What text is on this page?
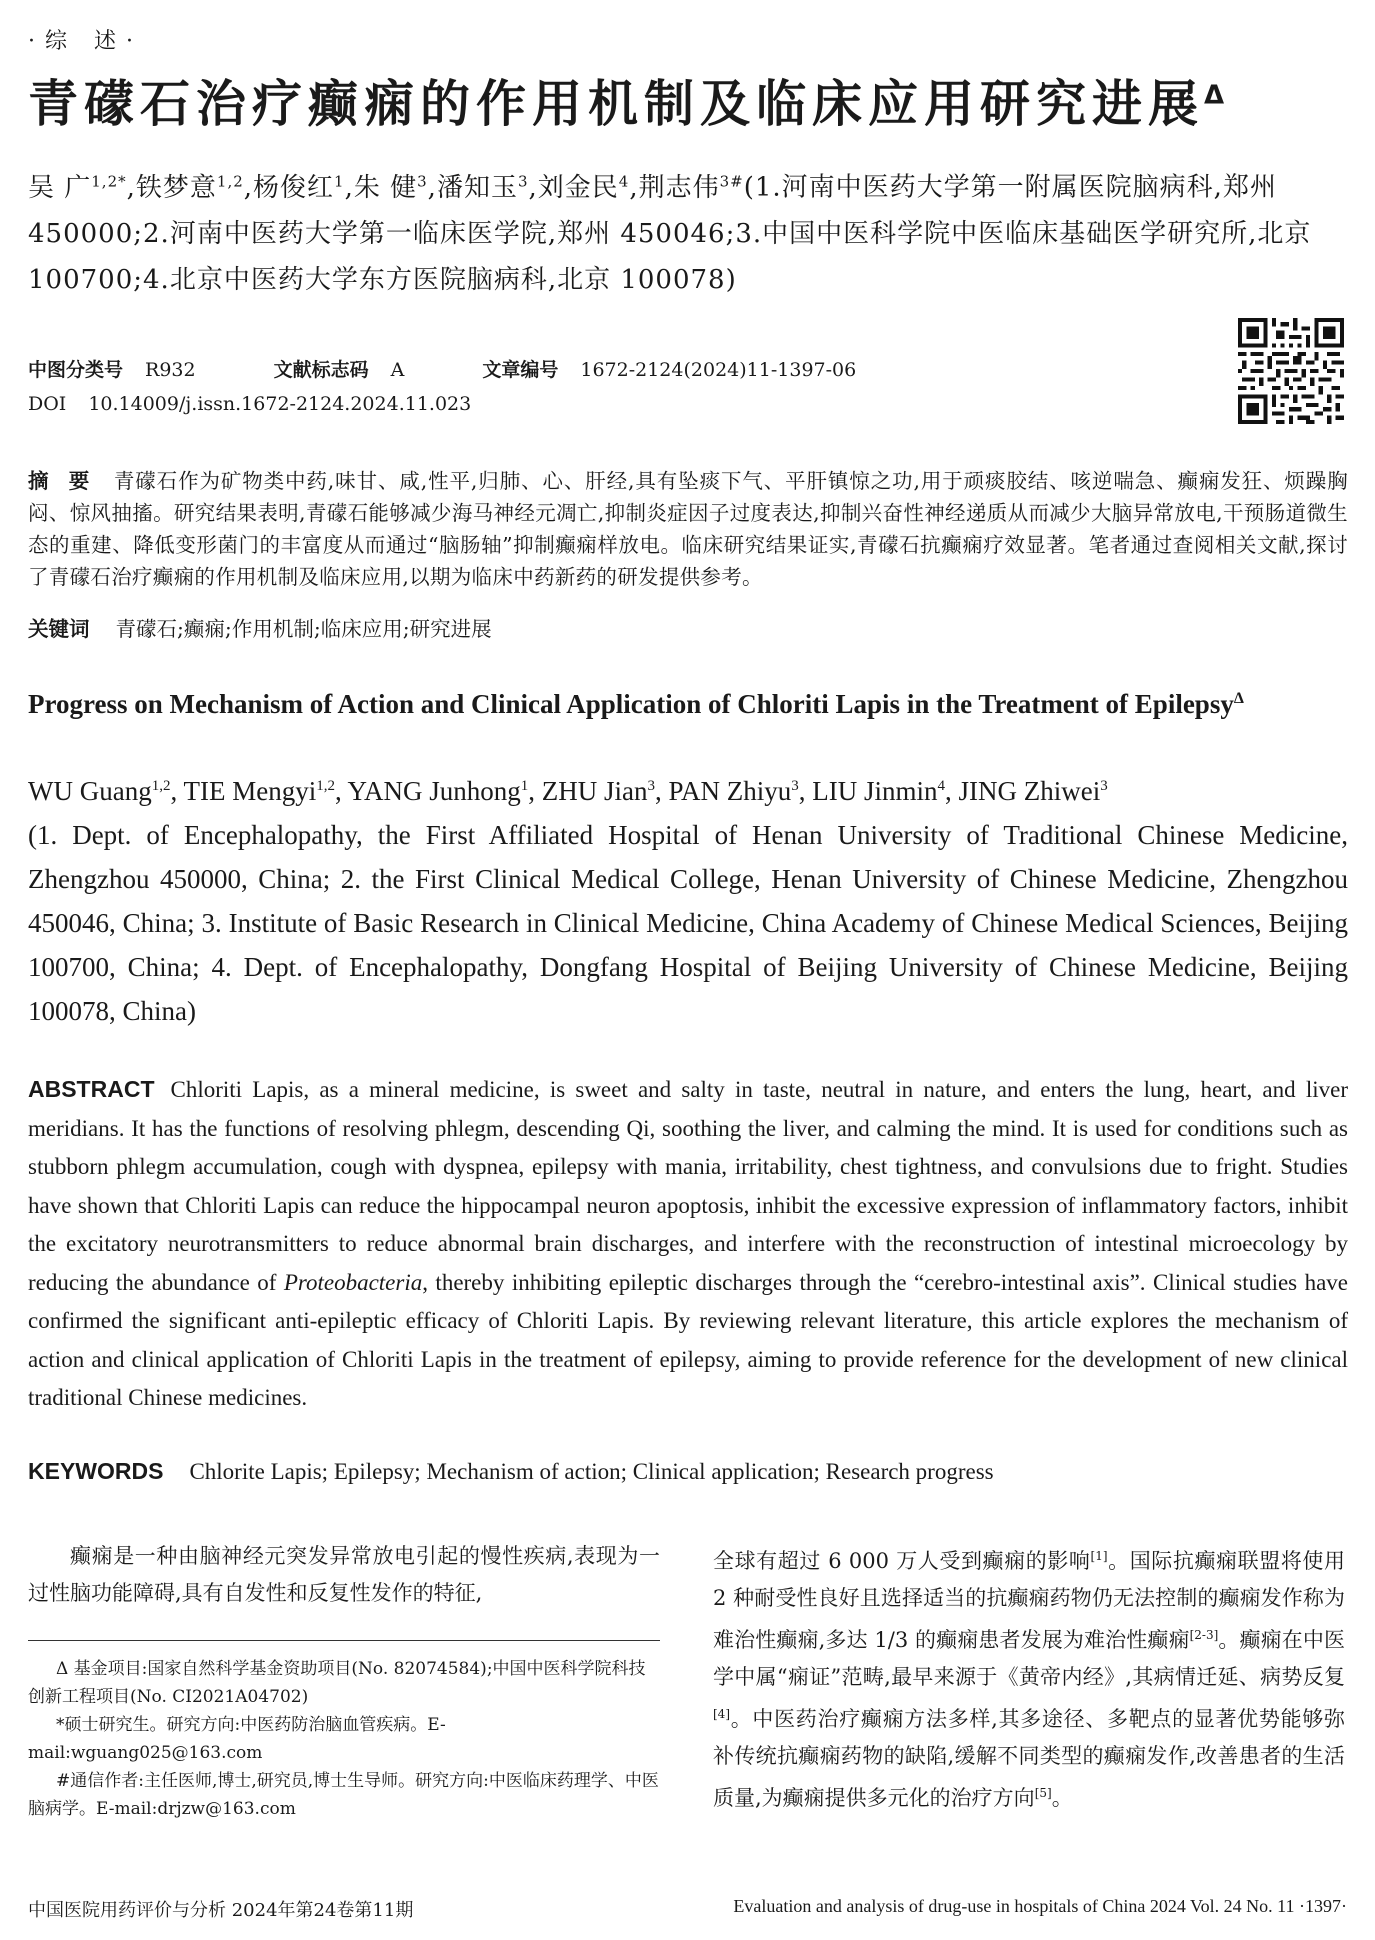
·综 述·
青礞石治疗癫痫的作用机制及临床应用研究进展$^\Delta$
吴 广$^{1,2*}$,铁梦意$^{1,2}$,杨俊红$^1$,朱 健$^3$,潘知玉$^3$,刘金民$^4$,荆志伟$^{3\#}$(1.河南中医药大学第一附属医院脑病科,郑州 450000;2.河南中医药大学第一临床医学院,郑州 450046;3.中国中医科学院中医临床基础医学研究所,北京 100700;4.北京中医药大学东方医院脑病科,北京 100078)
中图分类号 R932	文献标志码 A	文章编号 1672-2124(2024)11-1397-06
DOI 10.14009/j.issn.1672-2124.2024.11.023
摘 要 青礞石作为矿物类中药,味甘、咸,性平,归肺、心、肝经,具有坠痰下气、平肝镇惊之功,用于顽痰胶结、咳逆喘急、癫痫发狂、烦躁胸闷、惊风抽搐。研究结果表明,青礞石能够减少海马神经元凋亡,抑制炎症因子过度表达,抑制兴奋性神经递质从而减少大脑异常放电,干预肠道微生态的重建、降低变形菌门的丰富度从而通过“脑肠轴”抑制癫痫样放电。临床研究结果证实,青礞石抗癫痫疗效显著。笔者通过查阅相关文献,探讨了青礞石治疗癫痫的作用机制及临床应用,以期为临床中药新药的研发提供参考。
关键词 青礞石;癫痫;作用机制;临床应用;研究进展
Progress on Mechanism of Action and Clinical Application of Chloriti Lapis in the Treatment of Epilepsy$^\Delta$
WU Guang$^{1,2}$, TIE Mengyi$^{1,2}$, YANG Junhong$^1$, ZHU Jian$^3$, PAN Zhiyu$^3$, LIU Jinmin$^4$, JING Zhiwei$^3$
(1. Dept. of Encephalopathy, the First Affiliated Hospital of Henan University of Traditional Chinese Medicine, Zhengzhou 450000, China; 2. the First Clinical Medical College, Henan University of Chinese Medicine, Zhengzhou 450046, China; 3. Institute of Basic Research in Clinical Medicine, China Academy of Chinese Medical Sciences, Beijing 100700, China; 4. Dept. of Encephalopathy, Dongfang Hospital of Beijing University of Chinese Medicine, Beijing 100078, China)
ABSTRACT Chloriti Lapis, as a mineral medicine, is sweet and salty in taste, neutral in nature, and enters the lung, heart, and liver meridians. It has the functions of resolving phlegm, descending Qi, soothing the liver, and calming the mind. It is used for conditions such as stubborn phlegm accumulation, cough with dyspnea, epilepsy with mania, irritability, chest tightness, and convulsions due to fright. Studies have shown that Chloriti Lapis can reduce the hippocampal neuron apoptosis, inhibit the excessive expression of inflammatory factors, inhibit the excitatory neurotransmitters to reduce abnormal brain discharges, and interfere with the reconstruction of intestinal microecology by reducing the abundance of Proteobacteria, thereby inhibiting epileptic discharges through the “cerebro-intestinal axis”. Clinical studies have confirmed the significant anti-epileptic efficacy of Chloriti Lapis. By reviewing relevant literature, this article explores the mechanism of action and clinical application of Chloriti Lapis in the treatment of epilepsy, aiming to provide reference for the development of new clinical traditional Chinese medicines.
KEYWORDS Chlorite Lapis; Epilepsy; Mechanism of action; Clinical application; Research progress

癫痫是一种由脑神经元突发异常放电引起的慢性疾病,表现为一过性脑功能障碍,具有自发性和反复性发作的特征,

Δ 基金项目:国家自然科学基金资助项目(No. 82074584);中国中医科学院科技创新工程项目(No. CI2021A04702)

*硕士研究生。研究方向:中医药防治脑血管疾病。E-mail:wguang025@163.com

#通信作者:主任医师,博士,研究员,博士生导师。研究方向:中医临床药理学、中医脑病学。E-mail:drjzw@163.com

全球有超过 6 000 万人受到癫痫的影响[1]。国际抗癫痫联盟将使用 2 种耐受性良好且选择适当的抗癫痫药物仍无法控制的癫痫发作称为难治性癫痫,多达 1/3 的癫痫患者发展为难治性癫痫[2-3]。癫痫在中医学中属“痫证”范畴,最早来源于《黄帝内经》,其病情迁延、病势反复[4]。中医药治疗癫痫方法多样,其多途径、多靶点的显著优势能够弥补传统抗癫痫药物的缺陷,缓解不同类型的癫痫发作,改善患者的生活质量,为癫痫提供多元化的治疗方向[5]。

中国医院用药评价与分析 2024年第24卷第11期	Evaluation and analysis of drug-use in hospitals of China 2024 Vol. 24 No. 11 ·1397·
